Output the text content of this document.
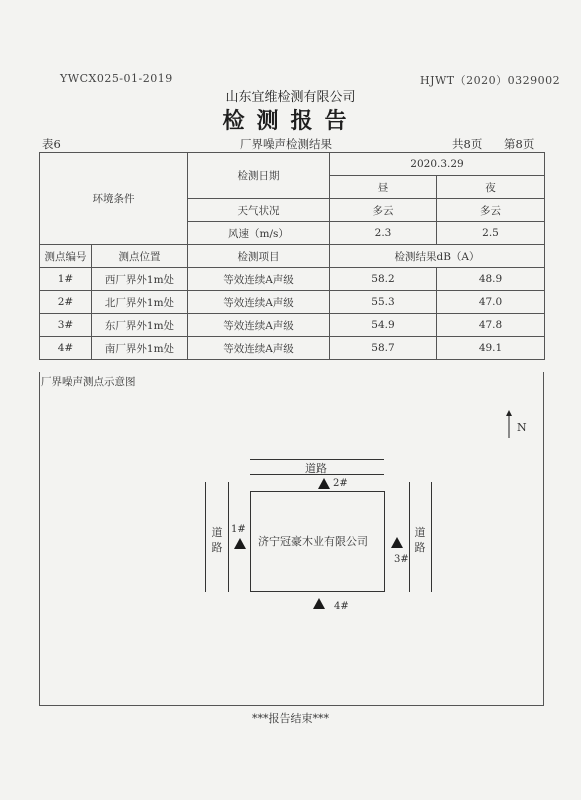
YWCX025-01-2019	HJWT（2020）0329002
山东宜维检测有限公司
检测报告
表6	厂界噪声检测结果	共8页 第8页
环境条件		检测日期	2020.3.29	
			昼	夜
		天气状况	多云	多云
		风速（m/s）	2.3	2.5
测点编号	测点位置	检测项目	检测结果dB（A）	
1#	西厂界外1m处	等效连续A声级	58.2	48.9
2#	北厂界外1m处	等效连续A声级	55.3	47.0
3#	东厂界外1m处	等效连续A声级	54.9	47.8
4#	南厂界外1m处	等效连续A声级	58.7	49.1
厂界噪声测点示意图
N
道路
道路
道路
济宁冠豪木业有限公司
2#
1#
3#
4#
***报告结束***
